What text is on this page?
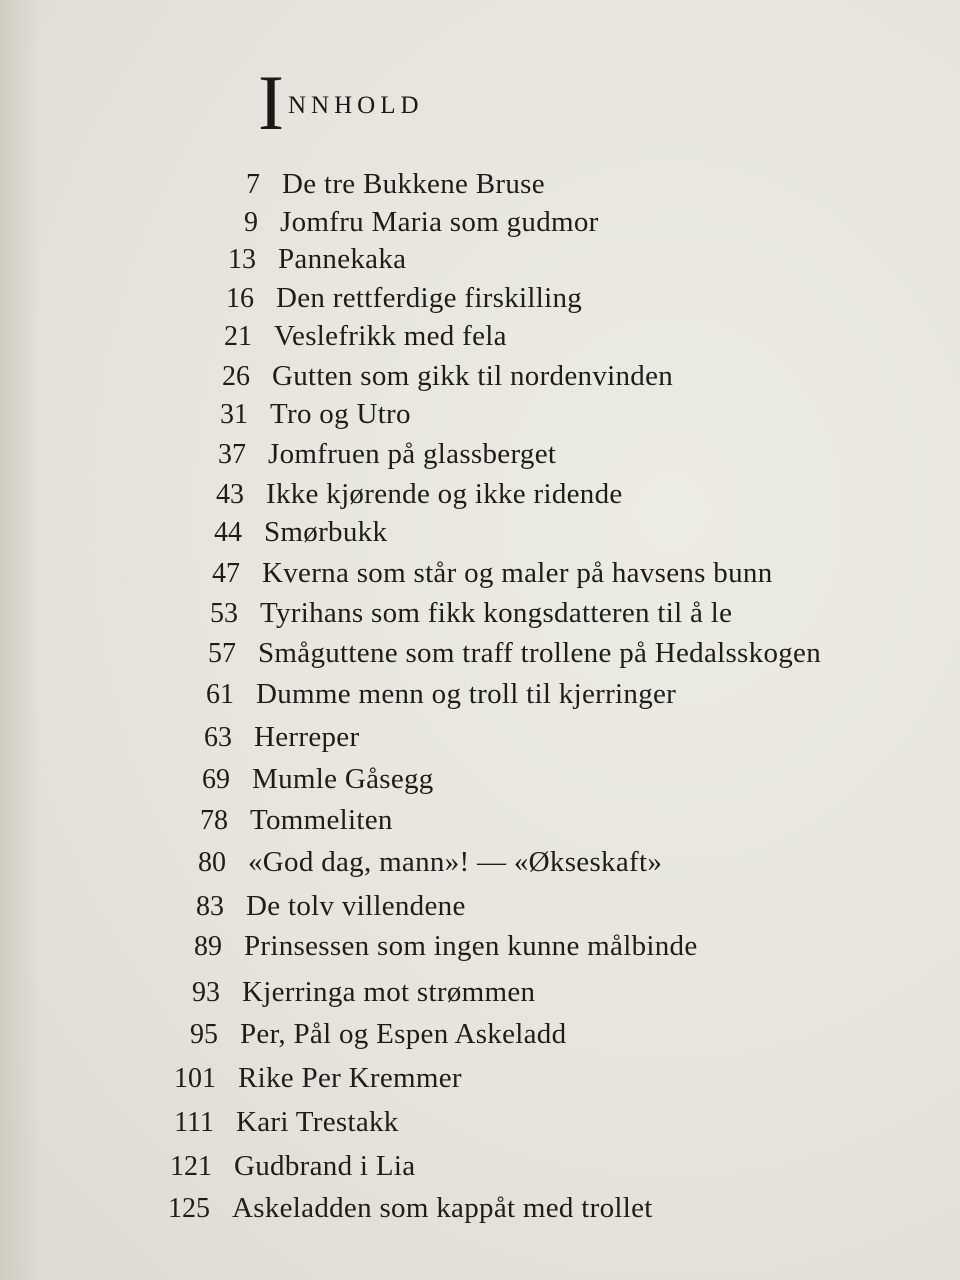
I NNHOLD
7 De tre Bukkene Bruse
9 Jomfru Maria som gudmor
13 Pannekaka
16 Den rettferdige firskilling
21 Veslefrikk med fela
26 Gutten som gikk til nordenvinden
31 Tro og Utro
37 Jomfruen på glassberget
43 Ikke kjørende og ikke ridende
44 Smørbukk
47 Kverna som står og maler på havsens bunn
53 Tyrihans som fikk kongsdatteren til å le
57 Småguttene som traff trollene på Hedalsskogen
61 Dumme menn og troll til kjerringer
63 Herreper
69 Mumle Gåsegg
78 Tommeliten
80 «God dag, mann»! — «Økseskaft»
83 De tolv villendene
89 Prinsessen som ingen kunne målbinde
93 Kjerringa mot strømmen
95 Per, Pål og Espen Askeladd
101 Rike Per Kremmer
111 Kari Trestakk
121 Gudbrand i Lia
125 Askeladden som kappåt med trollet
